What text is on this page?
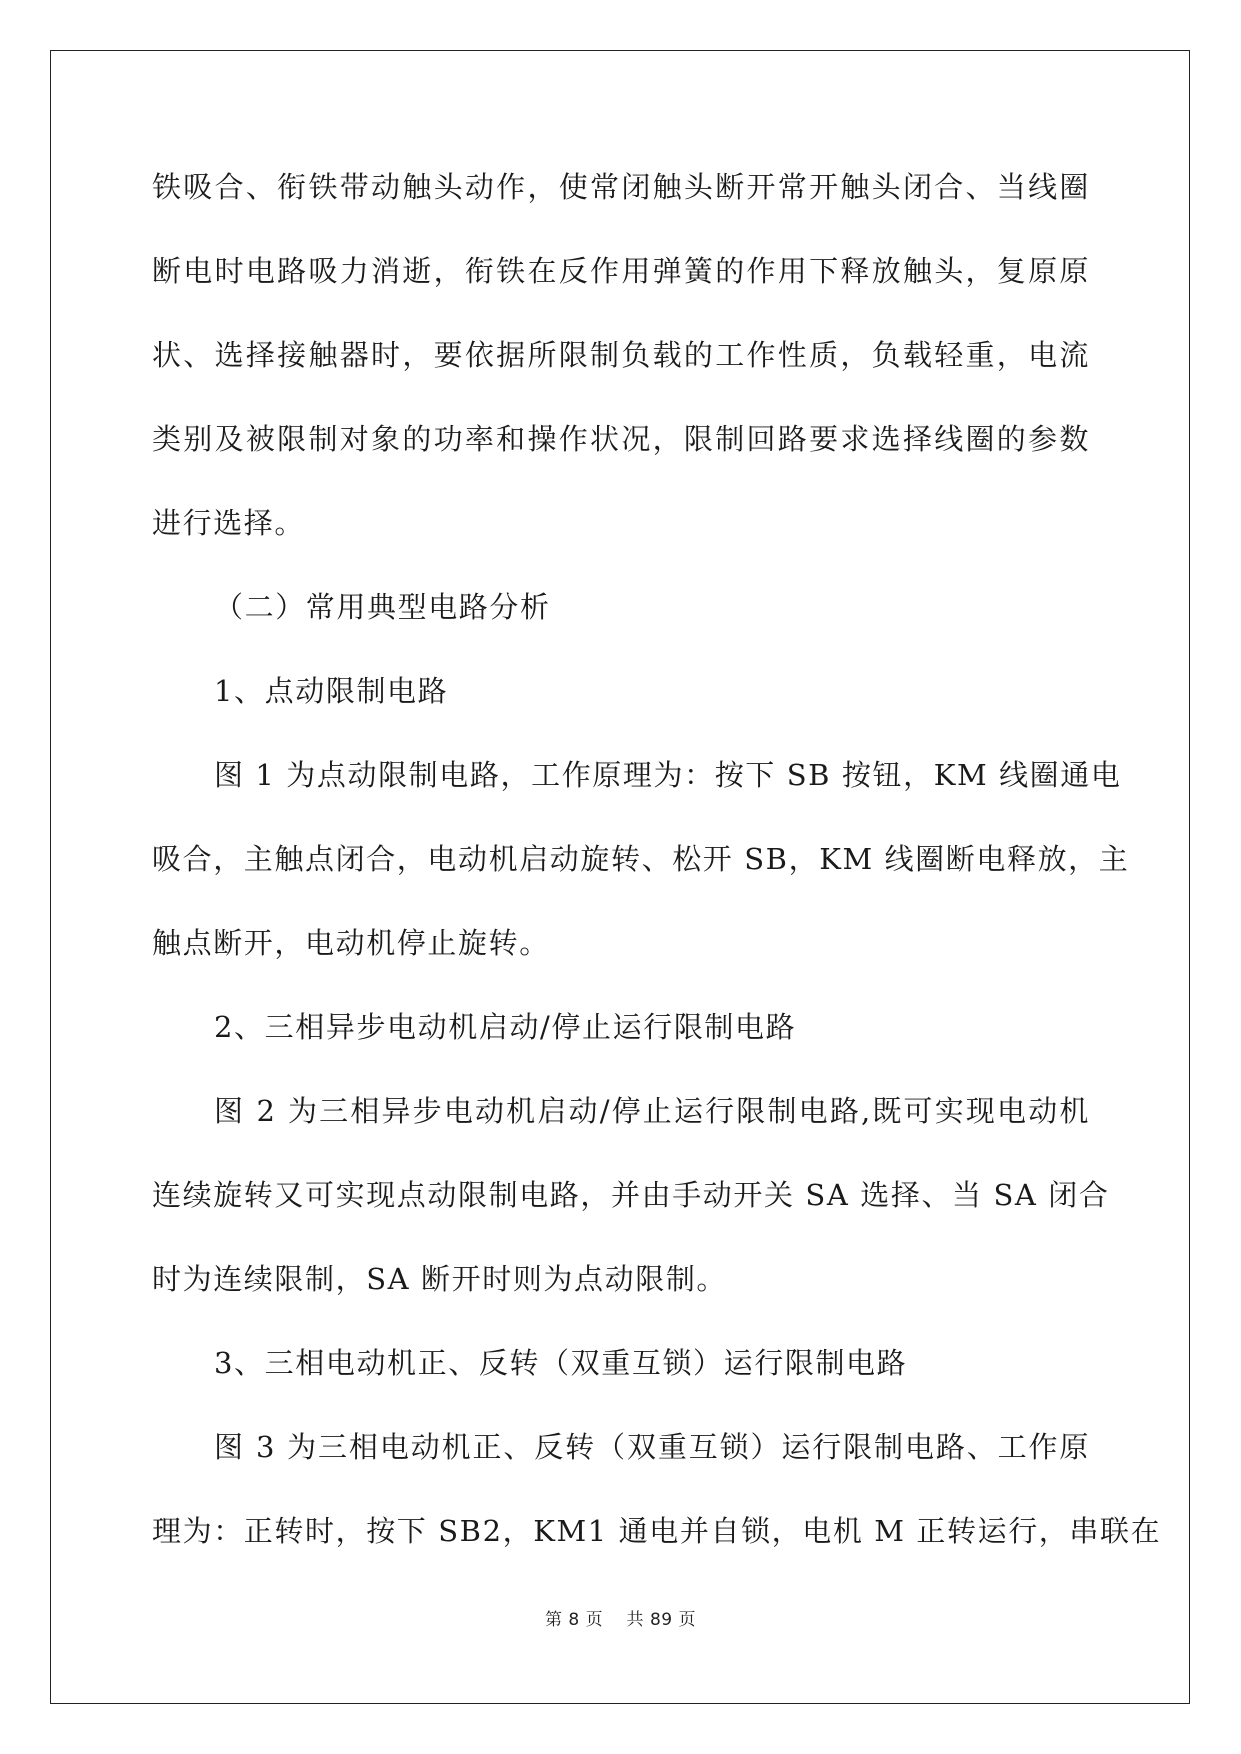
铁吸合、衔铁带动触头动作，使常闭触头断开常开触头闭合、当线圈
断电时电路吸力消逝，衔铁在反作用弹簧的作用下释放触头，复原原
状、选择接触器时，要依据所限制负载的工作性质，负载轻重，电流
类别及被限制对象的功率和操作状况，限制回路要求选择线圈的参数
进行选择。
（二）常用典型电路分析
1、点动限制电路
图 1 为点动限制电路，工作原理为：按下 SB 按钮，KM 线圈通电
吸合，主触点闭合，电动机启动旋转、松开 SB，KM 线圈断电释放，主
触点断开，电动机停止旋转。
2、三相异步电动机启动/停止运行限制电路
图 2 为三相异步电动机启动/停止运行限制电路,既可实现电动机
连续旋转又可实现点动限制电路，并由手动开关 SA 选择、当 SA 闭合
时为连续限制，SA 断开时则为点动限制。
3、三相电动机正、反转（双重互锁）运行限制电路
图 3 为三相电动机正、反转（双重互锁）运行限制电路、工作原
理为：正转时，按下 SB2，KM1 通电并自锁，电机 M 正转运行，串联在
第 8 页　 共 89 页
